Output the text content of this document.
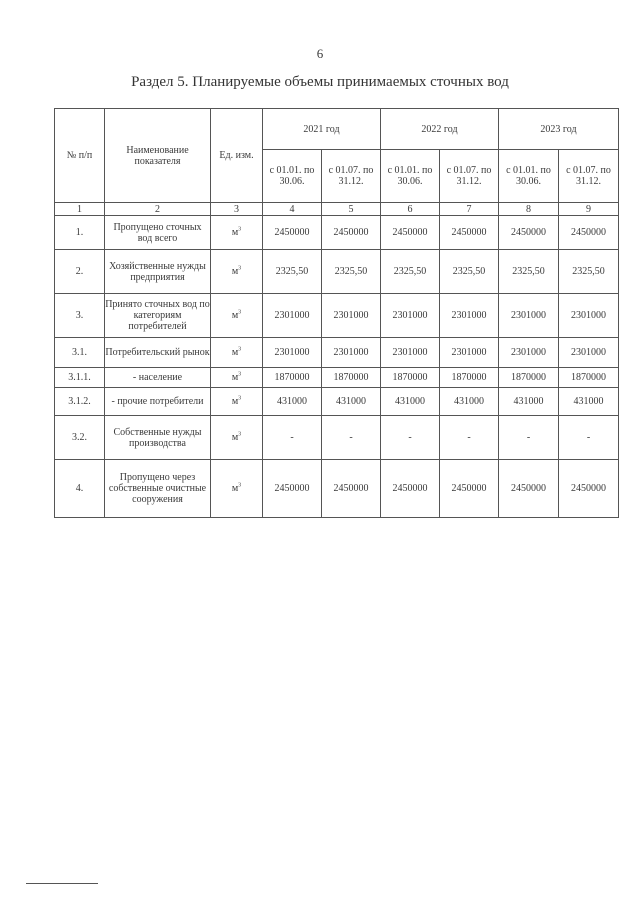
6
Раздел 5. Планируемые объемы принимаемых сточных вод
№ п/п	Наименование показателя	Ед. изм.	2021 год		2022 год		2023 год	
			с 01.01. по 30.06.	с 01.07. по 31.12.	с 01.01. по 30.06.	с 01.07. по 31.12.	с 01.01. по 30.06.	с 01.07. по 31.12.
1	2	3	4	5	6	7	8	9
1.	Пропущено сточных вод всего	$м^3$	2450000	2450000	2450000	2450000	2450000	2450000
2.	Хозяйственные нужды предприятия	$м^3$	2325,50	2325,50	2325,50	2325,50	2325,50	2325,50
3.	Принято сточных вод по категориям потребителей	$м^3$	2301000	2301000	2301000	2301000	2301000	2301000
3.1.	Потребительский рынок	$м^3$	2301000	2301000	2301000	2301000	2301000	2301000
3.1.1.	- население	$м^3$	1870000	1870000	1870000	1870000	1870000	1870000
3.1.2.	- прочие потребители	$м^3$	431000	431000	431000	431000	431000	431000
3.2.	Собственные нужды производства	$м^3$	-	-	-	-	-	-
4.	Пропущено через собственные очистные сооружения	$м^3$	2450000	2450000	2450000	2450000	2450000	2450000
